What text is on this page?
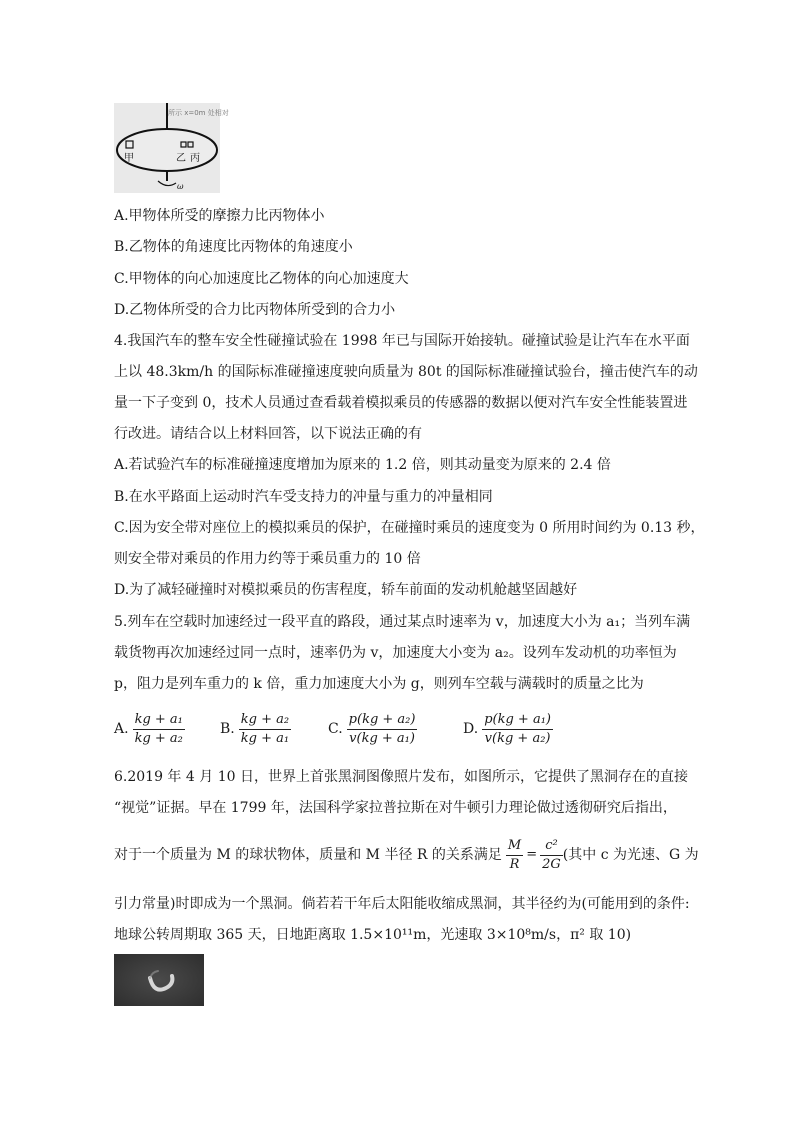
所示 x=0m 处相对
甲	乙 丙
ω
A.甲物体所受的摩擦力比丙物体小
B.乙物体的角速度比丙物体的角速度小
C.甲物体的向心加速度比乙物体的向心加速度大
D.乙物体所受的合力比丙物体所受到的合力小
4.我国汽车的整车安全性碰撞试验在 1998 年已与国际开始接轨。碰撞试验是让汽车在水平面
上以 48.3km/h 的国际标准碰撞速度驶向质量为 80t 的国际标准碰撞试验台，撞击使汽车的动
量一下子变到 0，技术人员通过查看载着模拟乘员的传感器的数据以便对汽车安全性能装置进
行改进。请结合以上材料回答，以下说法正确的有
A.若试验汽车的标准碰撞速度增加为原来的 1.2 倍，则其动量变为原来的 2.4 倍
B.在水平路面上运动时汽车受支持力的冲量与重力的冲量相同
C.因为安全带对座位上的模拟乘员的保护，在碰撞时乘员的速度变为 0 所用时间约为 0.13 秒，
则安全带对乘员的作用力约等于乘员重力的 10 倍
D.为了减轻碰撞时对模拟乘员的伤害程度，轿车前面的发动机舱越坚固越好
5.列车在空载时加速经过一段平直的路段，通过某点时速率为 v，加速度大小为 a₁；当列车满
载货物再次加速经过同一点时，速率仍为 v，加速度大小变为 a₂。设列车发动机的功率恒为
p，阻力是列车重力的 k 倍，重力加速度大小为 g，则列车空载与满载时的质量之比为
A. $\frac{\text{kg + a₁}}{\text{kg + a₂}}$	B. $\frac{\text{kg + a₂}}{\text{kg + a₁}}$	C. $\frac{\text{p(kg + a₂)}}{\text{v(kg + a₁)}}$	D. $\frac{\text{p(kg + a₁)}}{\text{v(kg + a₂)}}$
6.2019 年 4 月 10 日，世界上首张黑洞图像照片发布，如图所示，它提供了黑洞存在的直接
“视觉”证据。早在 1799 年，法国科学家拉普拉斯在对牛顿引力理论做过透彻研究后指出，
对于一个质量为 M 的球状物体，质量和 M 半径 R 的关系满足 $\frac{M}{R} = \frac{\text{c²}}{2G}$ (其中 c 为光速、G 为
引力常量)时即成为一个黑洞。倘若若干年后太阳能收缩成黑洞，其半径约为(可能用到的条件:
地球公转周期取 365 天，日地距离取 1.5×10¹¹m，光速取 3×10⁸m/s，π² 取 10)
